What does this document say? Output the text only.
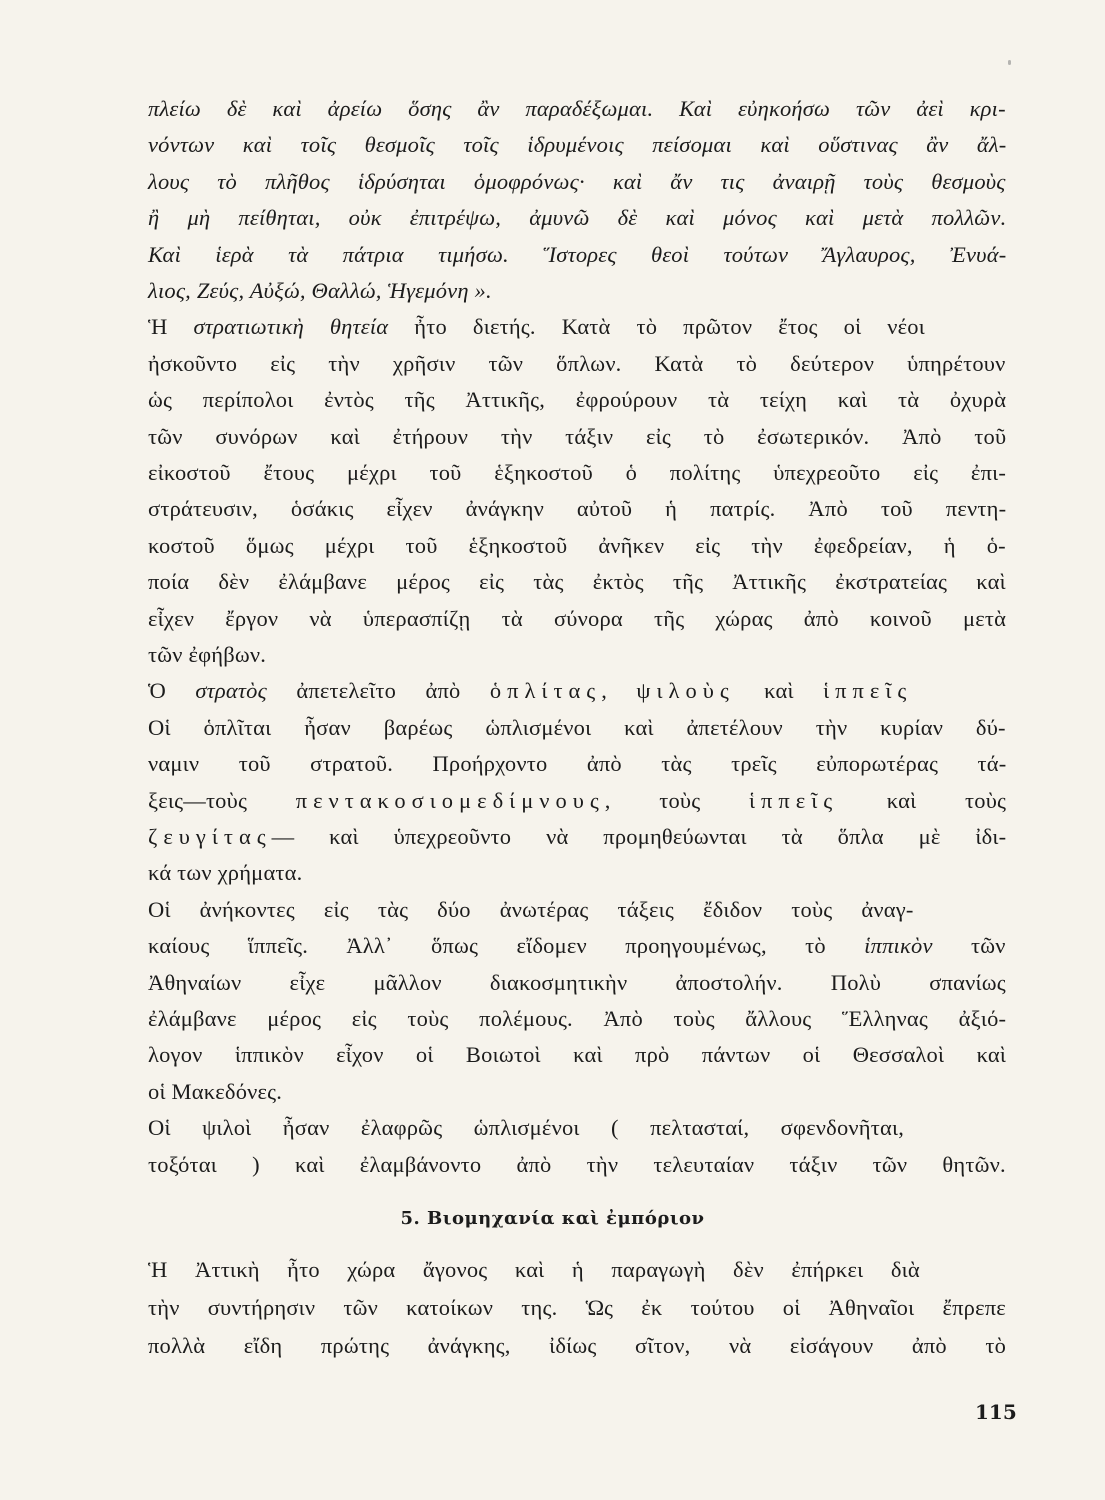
πλείω δὲ καὶ ἀρείω ὅσης ἂν παραδέξωμαι. Καὶ εὐηκοήσω τῶν ἀεὶ κρι-
νόντων καὶ τοῖς θεσμοῖς τοῖς ἱδρυμένοις πείσομαι καὶ οὕστινας ἂν ἄλ-
λους τὸ πλῆθος ἱδρύσηται ὁμοφρόνως· καὶ ἄν τις ἀναιρῇ τοὺς θεσμοὺς
ἢ μὴ πείθηται, οὐκ ἐπιτρέψω, ἀμυνῶ δὲ καὶ μόνος καὶ μετὰ πολλῶν.
Καὶ ἱερὰ τὰ πάτρια τιμήσω. Ἵστορες θεοὶ τούτων Ἄγλαυρος, Ἐνυά-
λιος, Ζεύς, Αὐξώ, Θαλλώ, Ἡγεμόνη ».
Ἡ στρατιωτικὴ θητεία ἦτο διετής. Κατὰ τὸ πρῶτον ἔτος οἱ νέοι
ἠσκοῦντο εἰς τὴν χρῆσιν τῶν ὅπλων. Κατὰ τὸ δεύτερον ὑπηρέτουν
ὡς περίπολοι ἐντὸς τῆς Ἀττικῆς, ἐφρούρουν τὰ τείχη καὶ τὰ ὀχυρὰ
τῶν συνόρων καὶ ἐτήρουν τὴν τάξιν εἰς τὸ ἐσωτερικόν. Ἀπὸ τοῦ
εἰκοστοῦ ἔτους μέχρι τοῦ ἑξηκοστοῦ ὁ πολίτης ὑπεχρεοῦτο εἰς ἐπι-
στράτευσιν, ὁσάκις εἶχεν ἀνάγκην αὐτοῦ ἡ πατρίς. Ἀπὸ τοῦ πεντη-
κοστοῦ ὅμως μέχρι τοῦ ἑξηκοστοῦ ἀνῆκεν εἰς τὴν ἐφεδρείαν, ἡ ὁ-
ποία δὲν ἐλάμβανε μέρος εἰς τὰς ἐκτὸς τῆς Ἀττικῆς ἐκστρατείας καὶ
εἶχεν ἔργον νὰ ὑπερασπίζῃ τὰ σύνορα τῆς χώρας ἀπὸ κοινοῦ μετὰ
τῶν ἐφήβων.
Ὁ στρατὸς ἀπετελεῖτο ἀπὸ ὁπλίτας, ψιλοὺς καὶ ἱππεῖς
Οἱ ὁπλῖται ἦσαν βαρέως ὡπλισμένοι καὶ ἀπετέλουν τὴν κυρίαν δύ-
ναμιν τοῦ στρατοῦ. Προήρχοντο ἀπὸ τὰς τρεῖς εὐπορωτέρας τά-
ξεις—τοὺς πεντακοσιομεδίμνους, τοὺς ἱππεῖς καὶ τοὺς
ζευγίτας— καὶ ὑπεχρεοῦντο νὰ προμηθεύωνται τὰ ὅπλα μὲ ἰδι-
κά των χρήματα.
Οἱ ἀνήκοντες εἰς τὰς δύο ἀνωτέρας τάξεις ἔδιδον τοὺς ἀναγ-
καίους ἵππεῖς. Ἀλλ᾿ ὅπως εἴδομεν προηγουμένως, τὸ ἱππικὸν τῶν
Ἀθηναίων εἶχε μᾶλλον διακοσμητικὴν ἀποστολήν. Πολὺ σπανίως
ἐλάμβανε μέρος εἰς τοὺς πολέμους. Ἀπὸ τοὺς ἄλλους Ἕλληνας ἀξιό-
λογον ἱππικὸν εἶχον οἱ Βοιωτοὶ καὶ πρὸ πάντων οἱ Θεσσαλοὶ καὶ
οἱ Μακεδόνες.
Οἱ ψιλοὶ ἦσαν ἐλαφρῶς ὡπλισμένοι ( πελτασταί, σφενδονῆται,
τοξόται ) καὶ ἐλαμβάνοντο ἀπὸ τὴν τελευταίαν τάξιν τῶν θητῶν.
5. Βιομηχανία καὶ ἐμπόριον
Ἡ Ἀττικὴ ἦτο χώρα ἄγονος καὶ ἡ παραγωγὴ δὲν ἐπήρκει διὰ
τὴν συντήρησιν τῶν κατοίκων της. Ὡς ἐκ τούτου οἱ Ἀθηναῖοι ἔπρεπε
πολλὰ εἴδη πρώτης ἀνάγκης, ἰδίως σῖτον, νὰ εἰσάγουν ἀπὸ τὸ
115
